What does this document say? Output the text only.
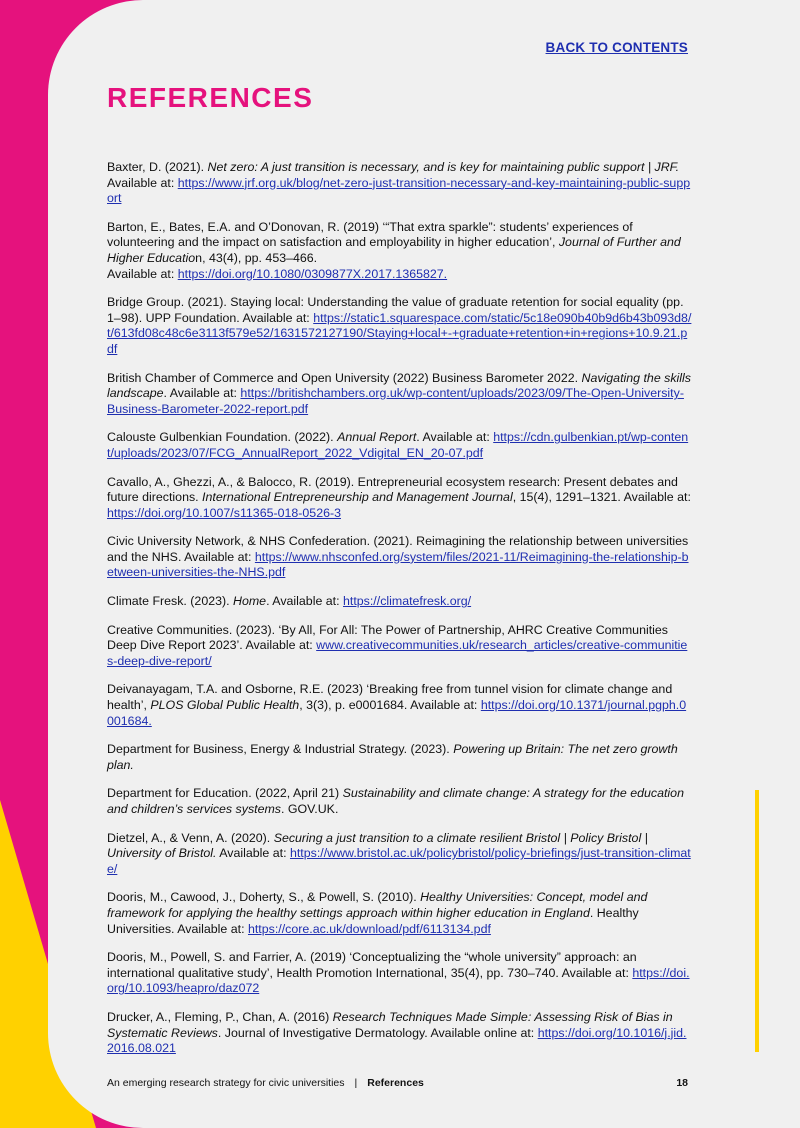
BACK TO CONTENTS
REFERENCES

Baxter, D. (2021). Net zero: A just transition is necessary, and is key for maintaining public support | JRF. Available at: https://www.jrf.org.uk/blog/net-zero-just-transition-necessary-and-key-maintaining-public-support

Barton, E., Bates, E.A. and O’Donovan, R. (2019) ‘“That extra sparkle”: students’ experiences of volunteering and the impact on satisfaction and employability in higher education’, Journal of Further and Higher Education, 43(4), pp. 453–466.
Available at: https://doi.org/10.1080/0309877X.2017.1365827.

Bridge Group. (2021). Staying local: Understanding the value of graduate retention for social equality (pp. 1–98). UPP Foundation. Available at: https://static1.squarespace.com/static/5c18e090b40b9d6b43b093d8/t/613fd08c48c6e3113f579e52/1631572127190/Staying+local+-+graduate+retention+in+regions+10.9.21.pdf

British Chamber of Commerce and Open University (2022) Business Barometer 2022. Navigating the skills landscape. Available at: https://britishchambers.org.uk/wp-content/uploads/2023/09/The-Open-University-Business-Barometer-2022-report.pdf

Calouste Gulbenkian Foundation. (2022). Annual Report. Available at: https://cdn.gulbenkian.pt/wp-content/uploads/2023/07/FCG_AnnualReport_2022_Vdigital_EN_20-07.pdf

Cavallo, A., Ghezzi, A., & Balocco, R. (2019). Entrepreneurial ecosystem research: Present debates and future directions. International Entrepreneurship and Management Journal, 15(4), 1291–1321. Available at: https://doi.org/10.1007/s11365-018-0526-3

Civic University Network, & NHS Confederation. (2021). Reimagining the relationship between universities and the NHS. Available at: https://www.nhsconfed.org/system/files/2021-11/Reimagining-the-relationship-between-universities-the-NHS.pdf

Climate Fresk. (2023). Home. Available at: https://climatefresk.org/

Creative Communities. (2023). ‘By All, For All: The Power of Partnership, AHRC Creative Communities Deep Dive Report 2023’. Available at: www.creativecommunities.uk/research_articles/creative-communities-deep-dive-report/

Deivanayagam, T.A. and Osborne, R.E. (2023) ‘Breaking free from tunnel vision for climate change and health’, PLOS Global Public Health, 3(3), p. e0001684. Available at: https://doi.org/10.1371/journal.pgph.0001684.

Department for Business, Energy & Industrial Strategy. (2023). Powering up Britain: The net zero growth plan.

Department for Education. (2022, April 21) Sustainability and climate change: A strategy for the education and children’s services systems. GOV.UK.

Dietzel, A., & Venn, A. (2020). Securing a just transition to a climate resilient Bristol | Policy Bristol | University of Bristol. Available at: https://www.bristol.ac.uk/policybristol/policy-briefings/just-transition-climate/

Dooris, M., Cawood, J., Doherty, S., & Powell, S. (2010). Healthy Universities: Concept, model and framework for applying the healthy settings approach within higher education in England. Healthy Universities. Available at: https://core.ac.uk/download/pdf/6113134.pdf

Dooris, M., Powell, S. and Farrier, A. (2019) ‘Conceptualizing the “whole university” approach: an international qualitative study’, Health Promotion International, 35(4), pp. 730–740. Available at: https://doi.org/10.1093/heapro/daz072

Drucker, A., Fleming, P., Chan, A. (2016) Research Techniques Made Simple: Assessing Risk of Bias in Systematic Reviews. Journal of Investigative Dermatology. Available online at: https://doi.org/10.1016/j.jid.2016.08.021

An emerging research strategy for civic universities | References	18
